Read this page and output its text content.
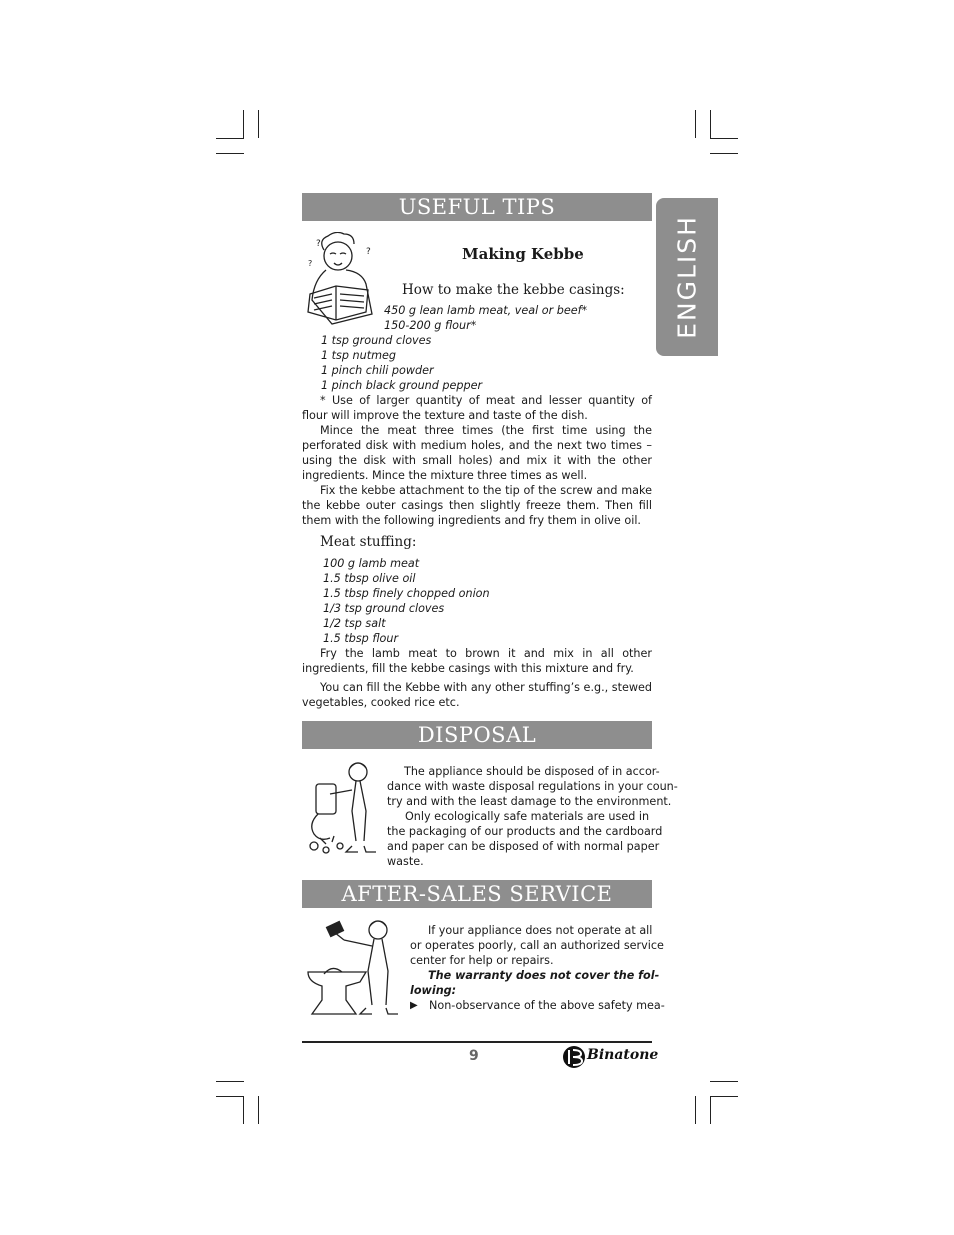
ENGLISH
USEFUL TIPS
?
?
?
Making Kebbe
How to make the kebbe casings:
450 g lean lamb meat, veal or beef*
150-200 g flour*
1 tsp ground cloves
1 tsp nutmeg
1 pinch chili powder
1 pinch black ground pepper
* Use of larger quantity of meat and lesser quantity of flour will improve the texture and taste of the dish.
Mince the meat three times (the first time using the perforated disk with medium holes, and the next two times – using the disk with small holes) and mix it with the other ingredients. Mince the mixture three times as well.
Fix the kebbe attachment to the tip of the screw and make the kebbe outer casings then slightly freeze them. Then fill them with the following ingredients and fry them in olive oil.
Meat stuffing:
100 g lamb meat
1.5 tbsp olive oil
1.5 tbsp finely chopped onion
1/3 tsp ground cloves
1/2 tsp salt
1.5 tbsp flour
Fry the lamb meat to brown it and mix in all other ingredients, fill the kebbe casings with this mixture and fry.
You can fill the Kebbe with any other stuffing’s e.g., stewed vegetables, cooked rice etc.
DISPOSAL
The appliance should be disposed of in accor-
dance with waste disposal regulations in your coun-
try and with the least damage to the environment.
Only ecologically safe materials are used in
the packaging of our products and the cardboard
and paper can be disposed of with normal paper
waste.
AFTER-SALES SERVICE
If your appliance does not operate at all
or operates poorly, call an authorized service
center for help or repairs.
The warranty does not cover the fol-
lowing:
▶ Non-observance of the above safety mea-
9	Binatone
